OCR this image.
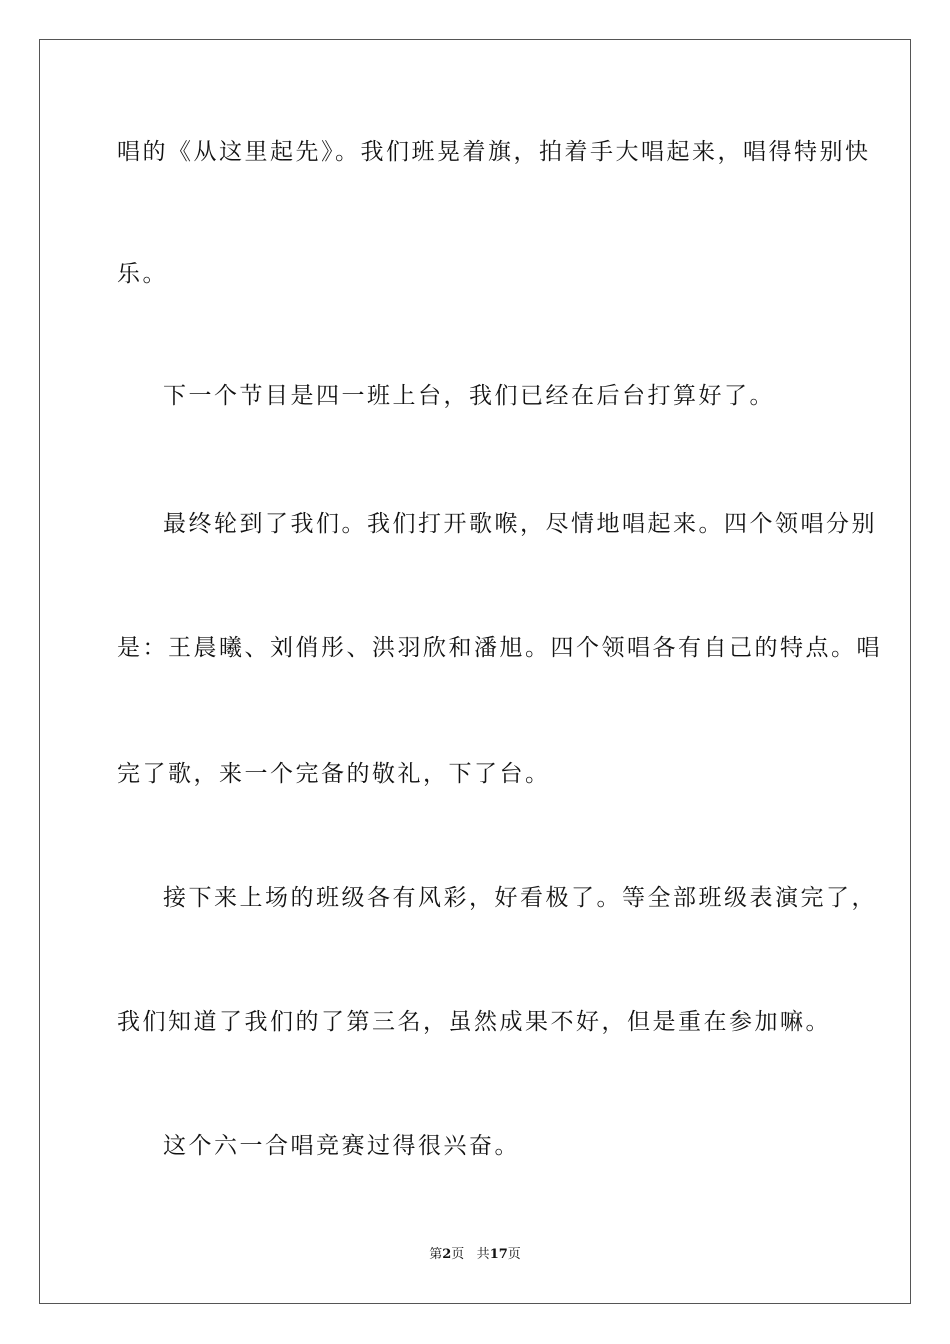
唱的《从这里起先》。我们班晃着旗，拍着手大唱起来，唱得特别快
乐。
下一个节目是四一班上台，我们已经在后台打算好了。
最终轮到了我们。我们打开歌喉，尽情地唱起来。四个领唱分别
是：王晨曦、刘俏彤、洪羽欣和潘旭。四个领唱各有自己的特点。唱
完了歌，来一个完备的敬礼，下了台。
接下来上场的班级各有风彩，好看极了。等全部班级表演完了，
我们知道了我们的了第三名，虽然成果不好，但是重在参加嘛。
这个六一合唱竞赛过得很兴奋。
第2页 共17页
